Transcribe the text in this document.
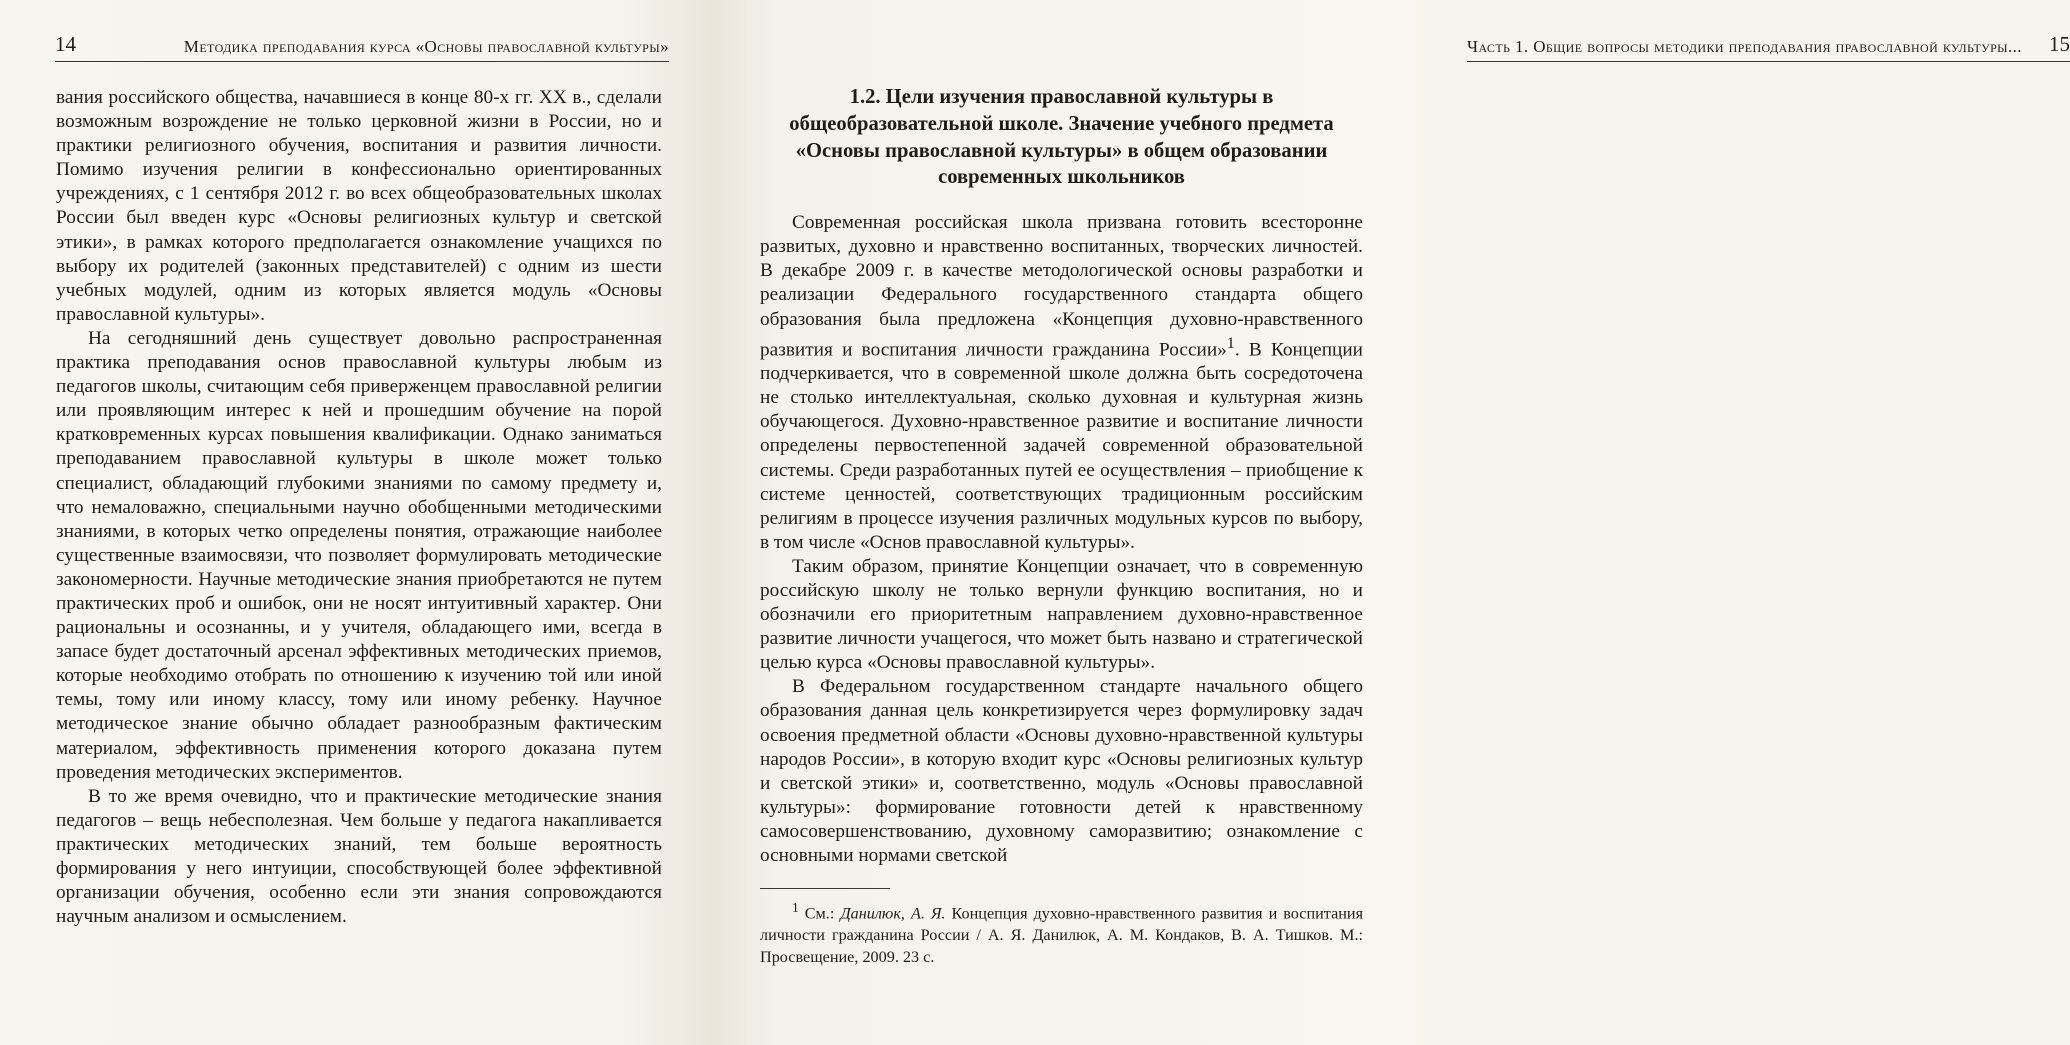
14	Методика преподавания курса «Основы православной культуры»

вания российского общества, начавшиеся в конце 80-х гг. XX в., сделали возможным возрождение не только церковной жизни в России, но и практики религиозного обучения, воспитания и развития личности. Помимо изучения религии в конфессионально ориентированных учреждениях, с 1 сентября 2012 г. во всех общеобразовательных школах России был введен курс «Основы религиозных культур и светской этики», в рамках которого предполагается ознакомление учащихся по выбору их родителей (законных представителей) с одним из шести учебных модулей, одним из которых является модуль «Основы православной культуры».

На сегодняшний день существует довольно распространенная практика преподавания основ православной культуры любым из педагогов школы, считающим себя приверженцем православной религии или проявляющим интерес к ней и прошедшим обучение на порой кратковременных курсах повышения квалификации. Однако заниматься преподаванием православной культуры в школе может только специалист, обладающий глубокими знаниями по самому предмету и, что немаловажно, специальными научно обобщенными методическими знаниями, в которых четко определены понятия, отражающие наиболее существенные взаимосвязи, что позволяет формулировать методические закономерности. Научные методические знания приобретаются не путем практических проб и ошибок, они не носят интуитивный характер. Они рациональны и осознанны, и у учителя, обладающего ими, всегда в запасе будет достаточный арсенал эффективных методических приемов, которые необходимо отобрать по отношению к изучению той или иной темы, тому или иному классу, тому или иному ребенку. Научное методическое знание обычно обладает разнообразным фактическим материалом, эффективность применения которого доказана путем проведения методических экспериментов.

В то же время очевидно, что и практические методические знания педагогов – вещь небесполезная. Чем больше у педагога накапливается практических методических знаний, тем больше вероятность формирования у него интуиции, способствующей более эффективной организации обучения, особенно если эти знания сопровождаются научным анализом и осмыслением.

Часть 1. Общие вопросы методики преподавания православной культуры... 15
1.2. Цели изучения православной культуры в общеобразовательной школе. Значение учебного предмета «Основы православной культуры» в общем образовании современных школьников

Современная российская школа призвана готовить всесторонне развитых, духовно и нравственно воспитанных, творческих личностей. В декабре 2009 г. в качестве методологической основы разработки и реализации Федерального государственного стандарта общего образования была предложена «Концепция духовно-нравственного развития и воспитания личности гражданина России»$^1$. В Концепции подчеркивается, что в современной школе должна быть сосредоточена не столько интеллектуальная, сколько духовная и культурная жизнь обучающегося. Духовно-нравственное развитие и воспитание личности определены первостепенной задачей современной образовательной системы. Среди разработанных путей ее осуществления – приобщение к системе ценностей, соответствующих традиционным российским религиям в процессе изучения различных модульных курсов по выбору, в том числе «Основ православной культуры».

Таким образом, принятие Концепции означает, что в современную российскую школу не только вернули функцию воспитания, но и обозначили его приоритетным направлением духовно-нравственное развитие личности учащегося, что может быть названо и стратегической целью курса «Основы православной культуры».

В Федеральном государственном стандарте начального общего образования данная цель конкретизируется через формулировку задач освоения предметной области «Основы духовно-нравственной культуры народов России», в которую входит курс «Основы религиозных культур и светской этики» и, соответственно, модуль «Основы православной культуры»: формирование готовности детей к нравственному самосовершенствованию, духовному саморазвитию; ознакомление с основными нормами светской

$^1$ См.: Данилюк, А. Я. Концепция духовно-нравственного развития и воспитания личности гражданина России / А. Я. Данилюк, А. М. Кондаков, В. А. Тишков. М.: Просвещение, 2009. 23 с.
